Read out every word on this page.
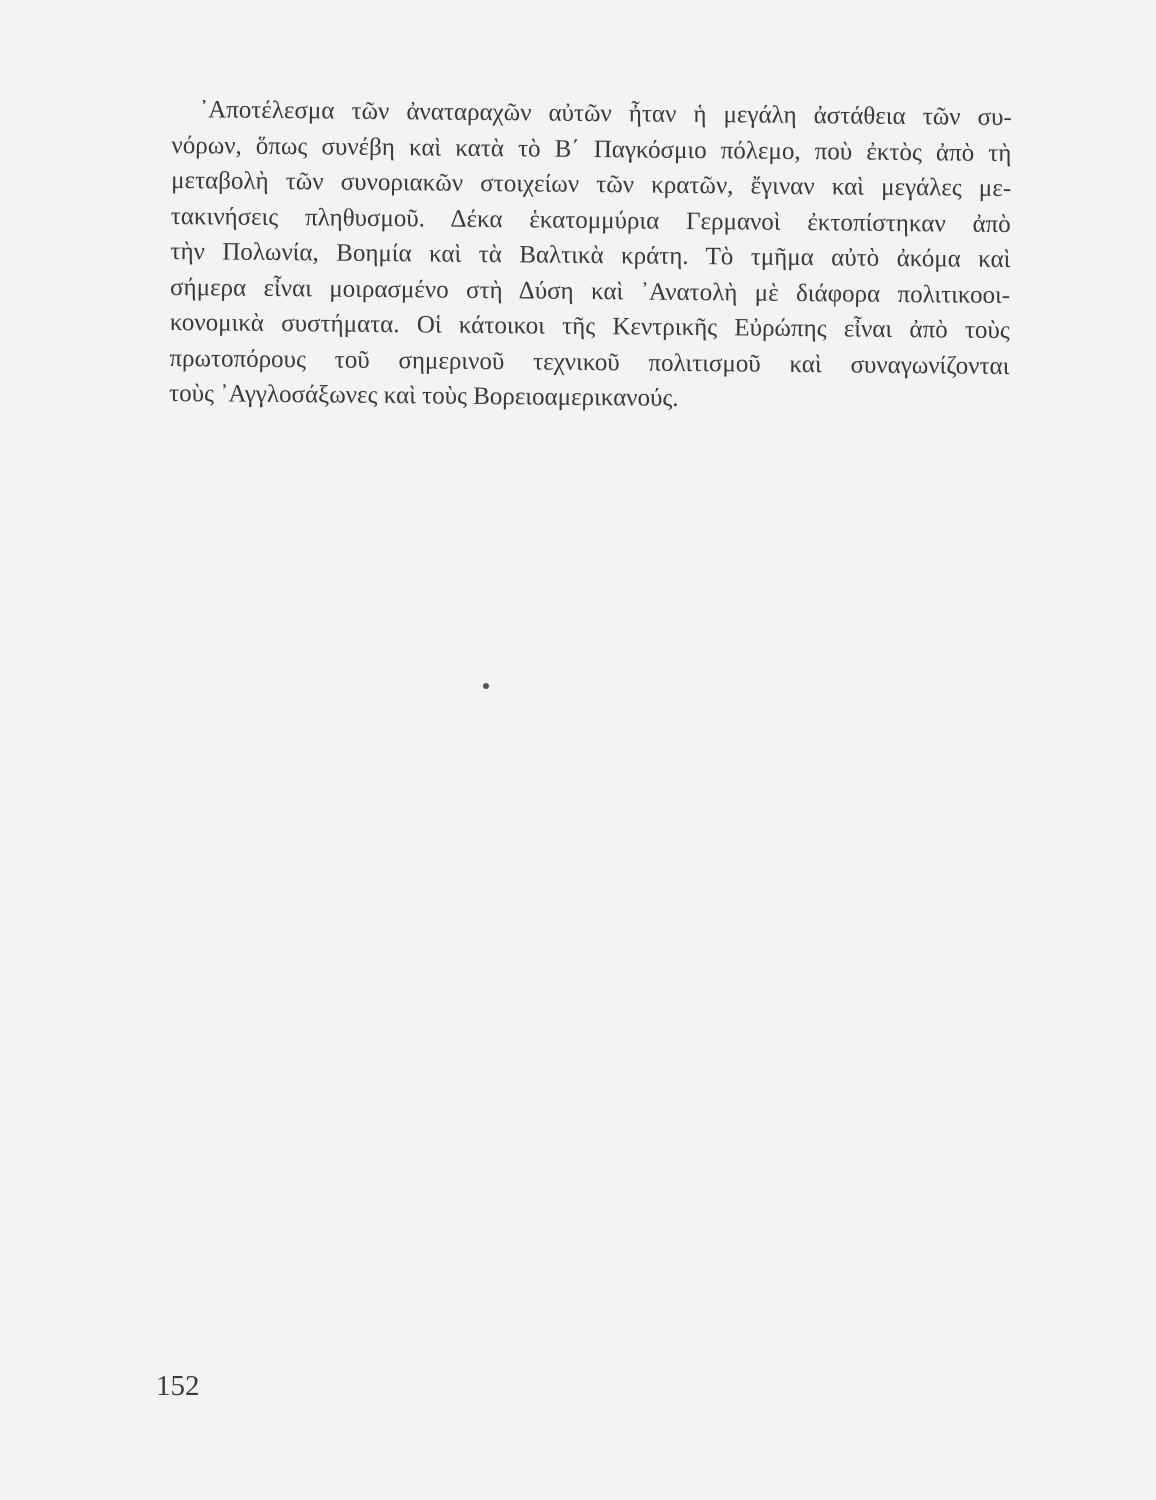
᾿Αποτέλεσμα τῶν ἀναταραχῶν αὐτῶν ἦταν ἡ μεγάλη ἀστάθεια τῶν συ-
νόρων, ὅπως συνέβη καὶ κατὰ τὸ Β΄ Παγκόσμιο πόλεμο, ποὺ ἐκτὸς ἀπὸ τὴ
μεταβολὴ τῶν συνοριακῶν στοιχείων τῶν κρατῶν, ἔγιναν καὶ μεγάλες με-
τακινήσεις πληθυσμοῦ. Δέκα ἑκατομμύρια Γερμανοὶ ἐκτοπίστηκαν ἀπὸ
τὴν Πολωνία, Βοημία καὶ τὰ Βαλτικὰ κράτη. Τὸ τμῆμα αὐτὸ ἀκόμα καὶ
σήμερα εἶναι μοιρασμένο στὴ Δύση καὶ ᾿Ανατολὴ μὲ διάφορα πολιτικοοι-
κονομικὰ συστήματα. Οἱ κάτοικοι τῆς Κεντρικῆς Εὐρώπης εἶναι ἀπὸ τοὺς
πρωτοπόρους τοῦ σημερινοῦ τεχνικοῦ πολιτισμοῦ καὶ συναγωνίζονται
τοὺς ᾿Αγγλοσάξωνες καὶ τοὺς Βορειοαμερικανούς.
152
